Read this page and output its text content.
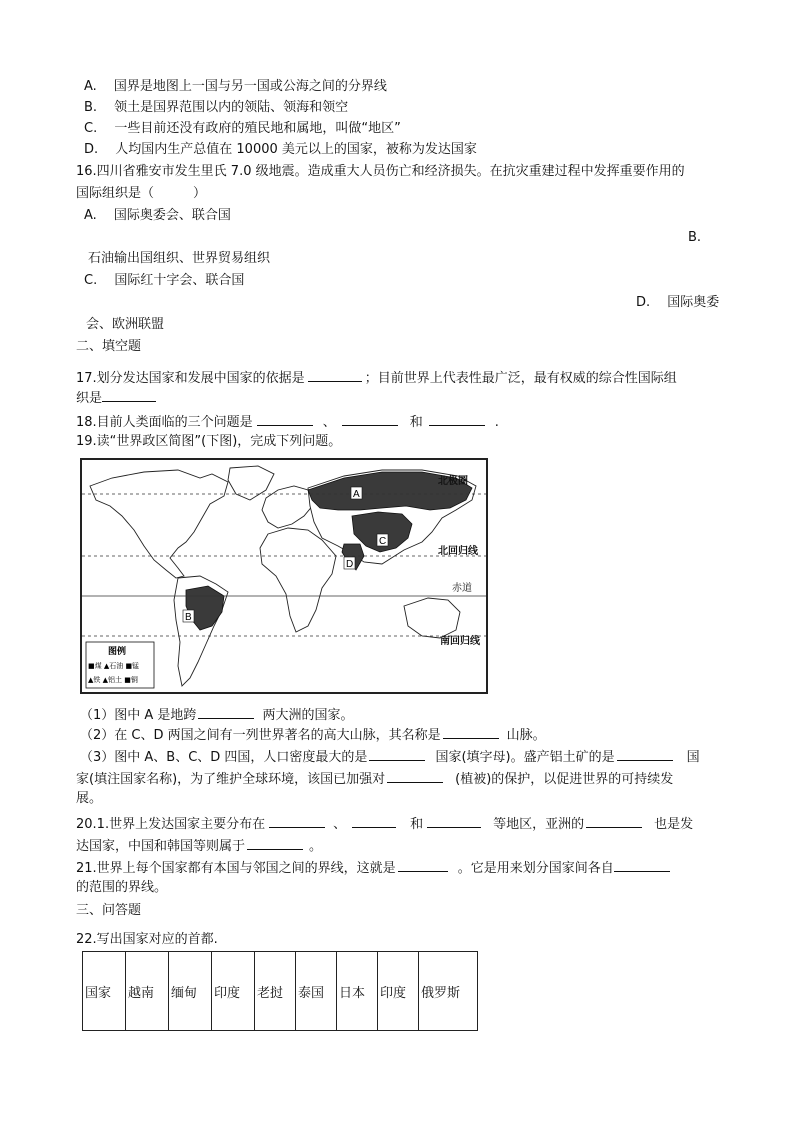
A.　 国界是地图上一国与另一国或公海之间的分界线
B.　 领土是国界范围以内的领陆、领海和领空
C.　 一些目前还没有政府的殖民地和属地，叫做“地区”
D.　 人均国内生产总值在 10000 美元以上的国家，被称为发达国家
16.四川省雅安市发生里氏 7.0 级地震。造成重大人员伤亡和经济损失。在抗灾重建过程中发挥重要作用的
国际组织是（　　　）
A.　 国际奥委会、联合国
B.
石油输出国组织、世界贸易组织
C.　 国际红十字会、联合国
D.　 国际奥委
会、欧洲联盟
二、填空题
17.划分发达国家和发展中国家的依据是	；目前世界上代表性最广泛，最有权威的综合性国际组
织是
18.目前人类面临的三个问题是	、	和	.
19.读“世界政区简图”(下图)，完成下列问题。
A
B
C
D
北极圈
北回归线
赤道
南回归线
图例
■煤 ▲石油 ■锰
▲铁 ▲铝土 ■铜
（1）图中 A 是地跨	两大洲的国家。
（2）在 C、D 两国之间有一列世界著名的高大山脉，其名称是	山脉。
（3）图中 A、B、C、D 四国，人口密度最大的是	国家(填字母)。盛产铝土矿的是	国
家(填注国家名称)，为了维护全球环境，该国已加强对	(植被)的保护，以促进世界的可持续发
展。
20.1.世界上发达国家主要分布在	、	和	等地区，亚洲的	也是发
达国家，中国和韩国等则属于	。
21.世界上每个国家都有本国与邻国之间的界线，这就是	。它是用来划分国家间各自
的范围的界线。
三、问答题
22.写出国家对应的首都.
国家	越南	缅甸	印度	老挝	泰国	日本	印度	俄罗斯
